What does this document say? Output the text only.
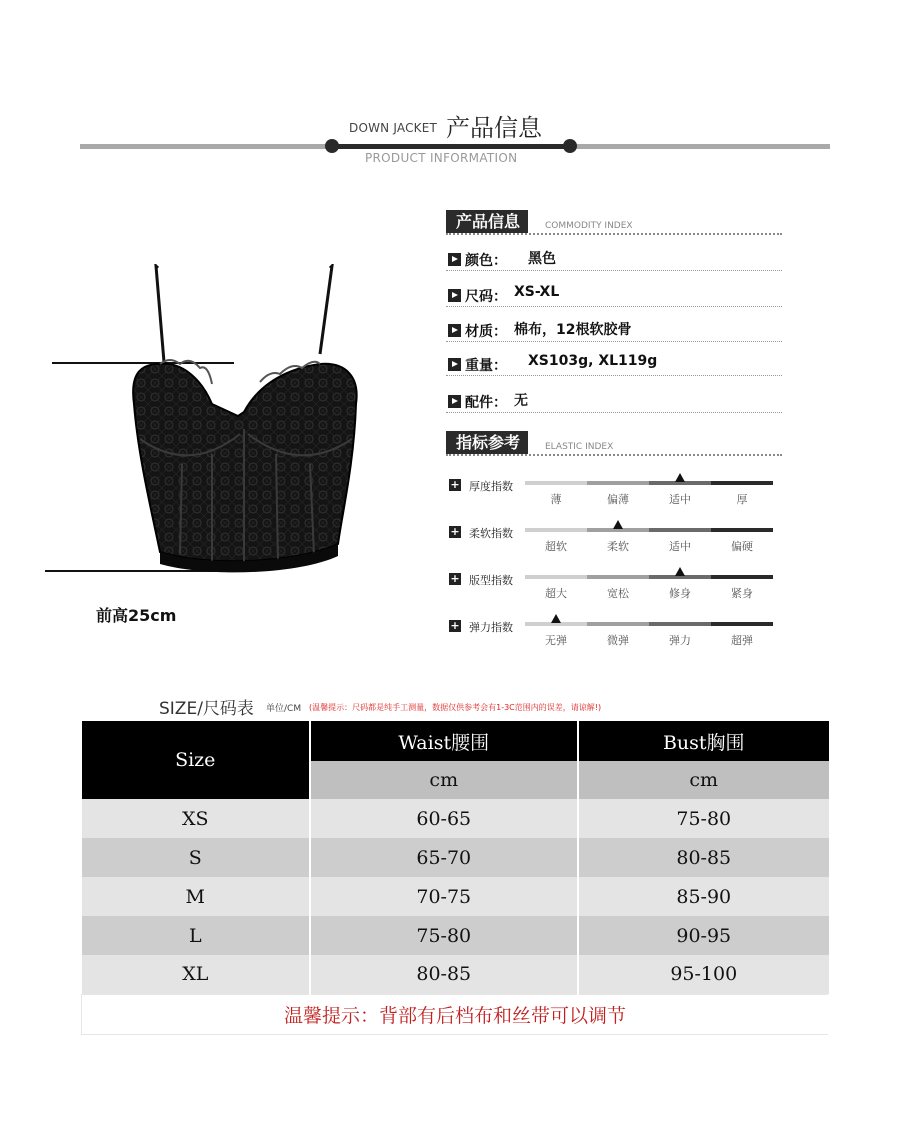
DOWN JACKET 产品信息
PRODUCT INFORMATION
前高25cm
产品信息	COMMODITY INDEX
颜色： 黑色
尺码： XS-XL
材质： 棉布，12根软胶骨
重量： XS103g, XL119g
配件： 无
指标参考	ELASTIC INDEX
+ 厚度指数
薄	偏薄	适中	厚
+ 柔软指数
超软	柔软	适中	偏硬
+ 版型指数
超大	宽松	修身	紧身
+ 弹力指数
无弹	微弹	弹力	超弹
SIZE/尺码表 单位/CM (温馨提示：尺码都是纯手工测量，数据仅供参考会有1-3C范围内的误差，请谅解!)
Size	Waist腰围	Bust胸围
	cm	cm
XS	60-65	75-80
S	65-70	80-85
M	70-75	85-90
L	75-80	90-95
XL	80-85	95-100
温馨提示：背部有后档布和丝带可以调节		
